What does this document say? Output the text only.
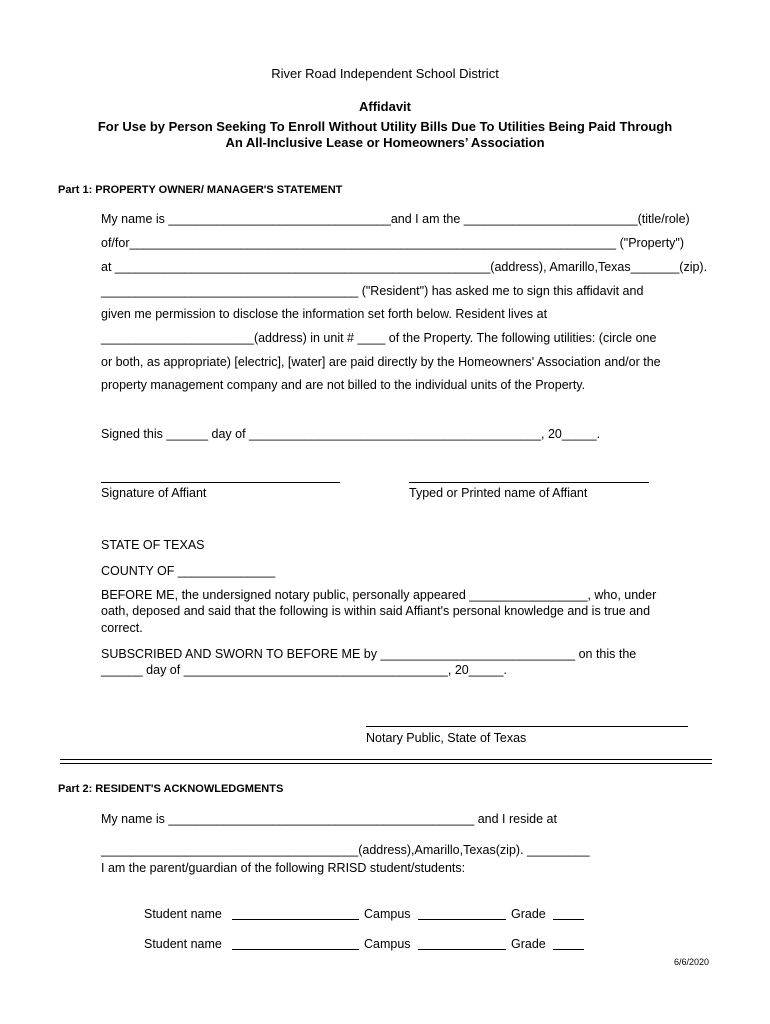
River Road Independent School District
Affidavit
For Use by Person Seeking To Enroll Without Utility Bills Due To Utilities Being Paid Through
An All-Inclusive Lease or Homeowners’ Association
Part 1: PROPERTY OWNER/ MANAGER'S STATEMENT
My name is ________________________________and I am the _________________________(title/role)
of/for______________________________________________________________________ ("Property")
at ______________________________________________________(address), Amarillo,Texas_______(zip).
_____________________________________ ("Resident") has asked me to sign this affidavit and
given me permission to disclose the information set forth below. Resident lives at
______________________(address) in unit # ____ of the Property. The following utilities: (circle one
or both, as appropriate) [electric], [water] are paid directly by the Homeowners' Association and/or the
property management company and are not billed to the individual units of the Property.
Signed this ______ day of __________________________________________, 20_____.
Signature of Affiant	Typed or Printed name of Affiant
STATE OF TEXAS
COUNTY OF ______________
BEFORE ME, the undersigned notary public, personally appeared _________________, who, under
oath, deposed and said that the following is within said Affiant's personal knowledge and is true and
correct.
SUBSCRIBED AND SWORN TO BEFORE ME by ____________________________ on this the
______ day of ______________________________________, 20_____.
Notary Public, State of Texas
Part 2: RESIDENT'S ACKNOWLEDGMENTS
My name is ____________________________________________ and I reside at
_____________________________________(address),Amarillo,Texas(zip). _________
I am the parent/guardian of the following RRISD student/students:
Student name	Campus	Grade
Student name	Campus	Grade
6/6/2020
